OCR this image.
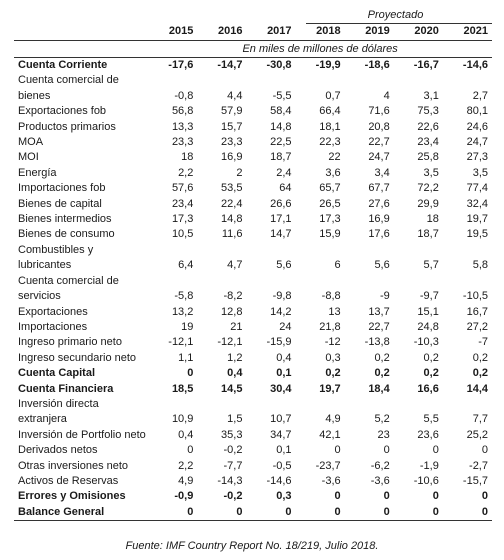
Proyectado
	2015	2016	2017	2018	2019	2020	2021
	En miles de millones de dólares						
Cuenta Corriente	-17,6	-14,7	-30,8	-19,9	-18,6	-16,7	-14,6
Cuenta comercial de bienes	-0,8	4,4	-5,5	0,7	4	3,1	2,7
Exportaciones fob	56,8	57,9	58,4	66,4	71,6	75,3	80,1
Productos primarios	13,3	15,7	14,8	18,1	20,8	22,6	24,6
MOA	23,3	23,3	22,5	22,3	22,7	23,4	24,7
MOI	18	16,9	18,7	22	24,7	25,8	27,3
Energía	2,2	2	2,4	3,6	3,4	3,5	3,5
Importaciones fob	57,6	53,5	64	65,7	67,7	72,2	77,4
Bienes de capital	23,4	22,4	26,6	26,5	27,6	29,9	32,4
Bienes intermedios	17,3	14,8	17,1	17,3	16,9	18	19,7
Bienes de consumo	10,5	11,6	14,7	15,9	17,6	18,7	19,5
Combustibles y lubricantes	6,4	4,7	5,6	6	5,6	5,7	5,8
Cuenta comercial de servicios	-5,8	-8,2	-9,8	-8,8	-9	-9,7	-10,5
Exportaciones	13,2	12,8	14,2	13	13,7	15,1	16,7
Importaciones	19	21	24	21,8	22,7	24,8	27,2
Ingreso primario neto	-12,1	-12,1	-15,9	-12	-13,8	-10,3	-7
Ingreso secundario neto	1,1	1,2	0,4	0,3	0,2	0,2	0,2
Cuenta Capital	0	0,4	0,1	0,2	0,2	0,2	0,2
Cuenta Financiera	18,5	14,5	30,4	19,7	18,4	16,6	14,4
Inversión directa extranjera	10,9	1,5	10,7	4,9	5,2	5,5	7,7
Inversión de Portfolio neto	0,4	35,3	34,7	42,1	23	23,6	25,2
Derivados netos	0	-0,2	0,1	0	0	0	0
Otras inversiones neto	2,2	-7,7	-0,5	-23,7	-6,2	-1,9	-2,7
Activos de Reservas	4,9	-14,3	-14,6	-3,6	-3,6	-10,6	-15,7
Errores y Omisiones	-0,9	-0,2	0,3	0	0	0	0
Balance General	0	0	0	0	0	0	0
Fuente: IMF Country Report No. 18/219, Julio 2018.
